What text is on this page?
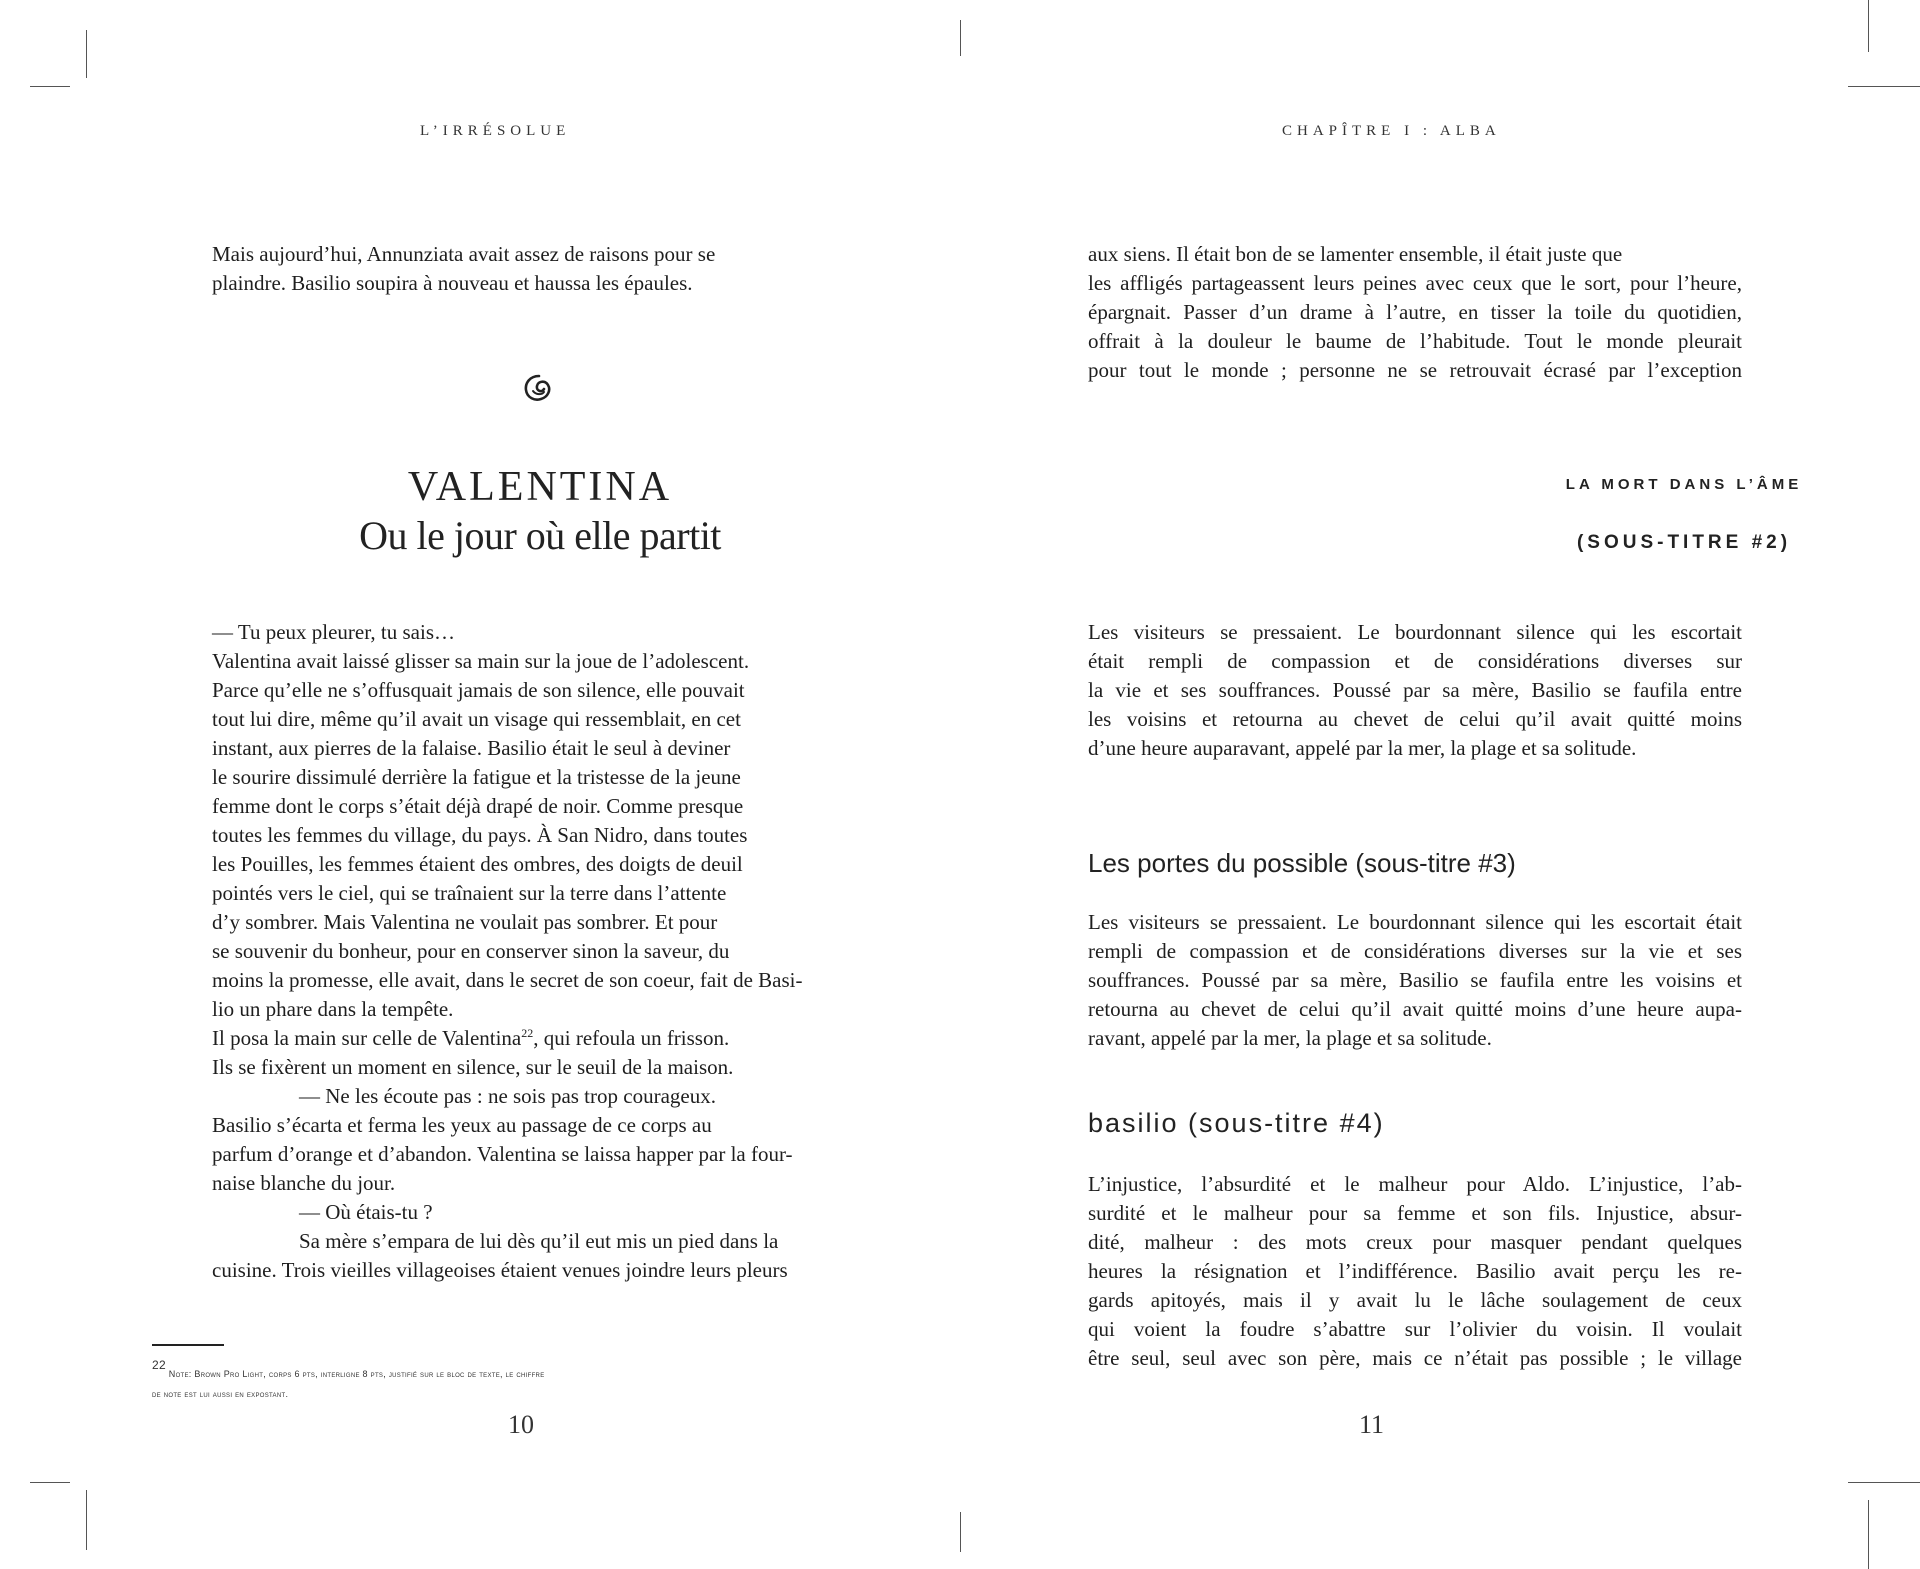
L’IRRÉSOLUE
Mais aujourd’hui, Annunziata avait assez de raisons pour se
plaindre. Basilio soupira à nouveau et haussa les épaules.
VALENTINA
Ou le jour où elle partit
— Tu peux pleurer, tu sais…
Valentina avait laissé glisser sa main sur la joue de l’adolescent.
Parce qu’elle ne s’offusquait jamais de son silence, elle pouvait
tout lui dire, même qu’il avait un visage qui ressemblait, en cet
instant, aux pierres de la falaise. Basilio était le seul à deviner
le sourire dissimulé derrière la fatigue et la tristesse de la jeune
femme dont le corps s’était déjà drapé de noir. Comme presque
toutes les femmes du village, du pays. À San Nidro, dans toutes
les Pouilles, les femmes étaient des ombres, des doigts de deuil
pointés vers le ciel, qui se traînaient sur la terre dans l’attente
d’y sombrer. Mais Valentina ne voulait pas sombrer. Et pour
se souvenir du bonheur, pour en conserver sinon la saveur, du
moins la promesse, elle avait, dans le secret de son coeur, fait de Basi-
lio un phare dans la tempête.
Il posa la main sur celle de Valentina$^{22}$, qui refoula un frisson.
Ils se fixèrent un moment en silence, sur le seuil de la maison.
— Ne les écoute pas : ne sois pas trop courageux.
Basilio s’écarta et ferma les yeux au passage de ce corps au
parfum d’orange et d’abandon. Valentina se laissa happer par la four-
naise blanche du jour.
— Où étais-tu ?
Sa mère s’empara de lui dès qu’il eut mis un pied dans la
cuisine. Trois vieilles villageoises étaient venues joindre leurs pleurs
$^{22}$ Note: Brown Pro Light, corps 6 pts, interligne 8 pts, justifié sur le bloc de texte, le chiffre
de note est lui aussi en expostant.
10
CHAPÎTRE I : ALBA
aux siens. Il était bon de se lamenter ensemble, il était juste que
les affligés partageassent leurs peines avec ceux que le sort, pour l’heure,
épargnait. Passer d’un drame à l’autre, en tisser la toile du quotidien,
offrait à la douleur le baume de l’habitude. Tout le monde pleurait
pour tout le monde ; personne ne se retrouvait écrasé par l’exception
LA MORT DANS L’ÂME
(SOUS-TITRE #2)
Les visiteurs se pressaient. Le bourdonnant silence qui les escortait
était rempli de compassion et de considérations diverses sur
la vie et ses souffrances. Poussé par sa mère, Basilio se faufila entre
les voisins et retourna au chevet de celui qu’il avait quitté moins
d’une heure auparavant, appelé par la mer, la plage et sa solitude.
Les portes du possible (sous-titre #3)
Les visiteurs se pressaient. Le bourdonnant silence qui les escortait était
rempli de compassion et de considérations diverses sur la vie et ses
souffrances. Poussé par sa mère, Basilio se faufila entre les voisins et
retourna au chevet de celui qu’il avait quitté moins d’une heure aupa-
ravant, appelé par la mer, la plage et sa solitude.
basilio (sous-titre #4)
L’injustice, l’absurdité et le malheur pour Aldo. L’injustice, l’ab-
surdité et le malheur pour sa femme et son fils. Injustice, absur-
dité, malheur : des mots creux pour masquer pendant quelques
heures la résignation et l’indifférence. Basilio avait perçu les re-
gards apitoyés, mais il y avait lu le lâche soulagement de ceux
qui voient la foudre s’abattre sur l’olivier du voisin. Il voulait
être seul, seul avec son père, mais ce n’était pas possible ; le village
11
